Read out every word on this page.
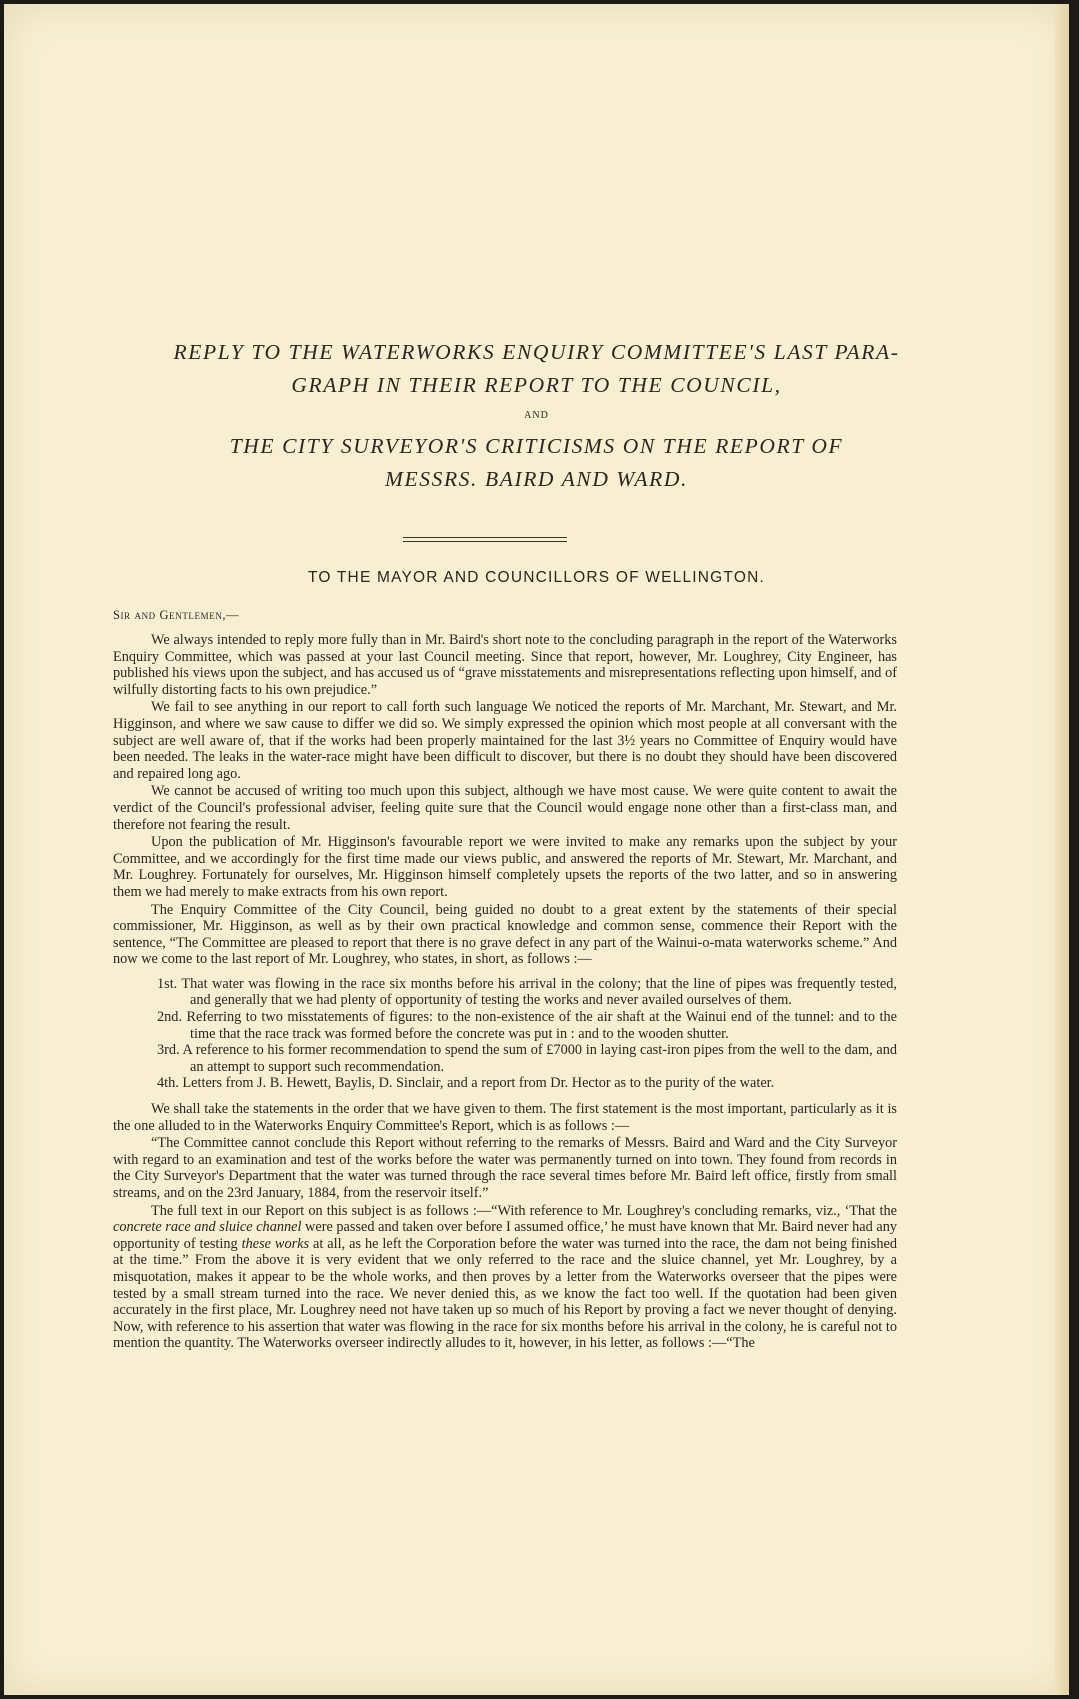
REPLY TO THE WATERWORKS ENQUIRY COMMITTEE'S LAST PARA-

GRAPH IN THEIR REPORT TO THE COUNCIL,

AND

THE CITY SURVEYOR'S CRITICISMS ON THE REPORT OF

MESSRS. BAIRD AND WARD.

TO THE MAYOR AND COUNCILLORS OF WELLINGTON.
Sir and Gentlemen,—

We always intended to reply more fully than in Mr. Baird's short note to the concluding paragraph in the report of the Waterworks Enquiry Committee, which was passed at your last Council meeting. Since that report, however, Mr. Loughrey, City Engineer, has published his views upon the subject, and has accused us of “grave misstatements and misrepresentations reflecting upon himself, and of wilfully distorting facts to his own prejudice.”

We fail to see anything in our report to call forth such language We noticed the reports of Mr. Marchant, Mr. Stewart, and Mr. Higginson, and where we saw cause to differ we did so. We simply expressed the opinion which most people at all conversant with the subject are well aware of, that if the works had been properly maintained for the last 3½ years no Committee of Enquiry would have been needed. The leaks in the water-race might have been difficult to discover, but there is no doubt they should have been discovered and repaired long ago.

We cannot be accused of writing too much upon this subject, although we have most cause. We were quite content to await the verdict of the Council's professional adviser, feeling quite sure that the Council would engage none other than a first-class man, and therefore not fearing the result.

Upon the publication of Mr. Higginson's favourable report we were invited to make any remarks upon the subject by your Committee, and we accordingly for the first time made our views public, and answered the reports of Mr. Stewart, Mr. Marchant, and Mr. Loughrey. Fortunately for ourselves, Mr. Higginson himself completely upsets the reports of the two latter, and so in answering them we had merely to make extracts from his own report.

The Enquiry Committee of the City Council, being guided no doubt to a great extent by the statements of their special commissioner, Mr. Higginson, as well as by their own practical knowledge and common sense, commence their Report with the sentence, “The Committee are pleased to report that there is no grave defect in any part of the Wainui-o-mata waterworks scheme.” And now we come to the last report of Mr. Loughrey, who states, in short, as follows :—

1st. That water was flowing in the race six months before his arrival in the colony; that the line of pipes was frequently tested, and generally that we had plenty of opportunity of testing the works and never availed ourselves of them.
2nd. Referring to two misstatements of figures: to the non-existence of the air shaft at the Wainui end of the tunnel: and to the time that the race track was formed before the concrete was put in : and to the wooden shutter.
3rd. A reference to his former recommendation to spend the sum of £7000 in laying cast-iron pipes from the well to the dam, and an attempt to support such recommendation.
4th. Letters from J. B. Hewett, Baylis, D. Sinclair, and a report from Dr. Hector as to the purity of the water.

We shall take the statements in the order that we have given to them. The first statement is the most important, particularly as it is the one alluded to in the Waterworks Enquiry Committee's Report, which is as follows :—

“The Committee cannot conclude this Report without referring to the remarks of Messrs. Baird and Ward and the City Surveyor with regard to an examination and test of the works before the water was permanently turned on into town. They found from records in the City Surveyor's Department that the water was turned through the race several times before Mr. Baird left office, firstly from small streams, and on the 23rd January, 1884, from the reservoir itself.”

The full text in our Report on this subject is as follows :—“With reference to Mr. Loughrey's concluding remarks, viz., ‘That the concrete race and sluice channel were passed and taken over before I assumed office,’ he must have known that Mr. Baird never had any opportunity of testing these works at all, as he left the Corporation before the water was turned into the race, the dam not being finished at the time.” From the above it is very evident that we only referred to the race and the sluice channel, yet Mr. Loughrey, by a misquotation, makes it appear to be the whole works, and then proves by a letter from the Waterworks overseer that the pipes were tested by a small stream turned into the race. We never denied this, as we know the fact too well. If the quotation had been given accurately in the first place, Mr. Loughrey need not have taken up so much of his Report by proving a fact we never thought of denying. Now, with reference to his assertion that water was flowing in the race for six months before his arrival in the colony, he is careful not to mention the quantity. The Waterworks overseer indirectly alludes to it, however, in his letter, as follows :—“The
